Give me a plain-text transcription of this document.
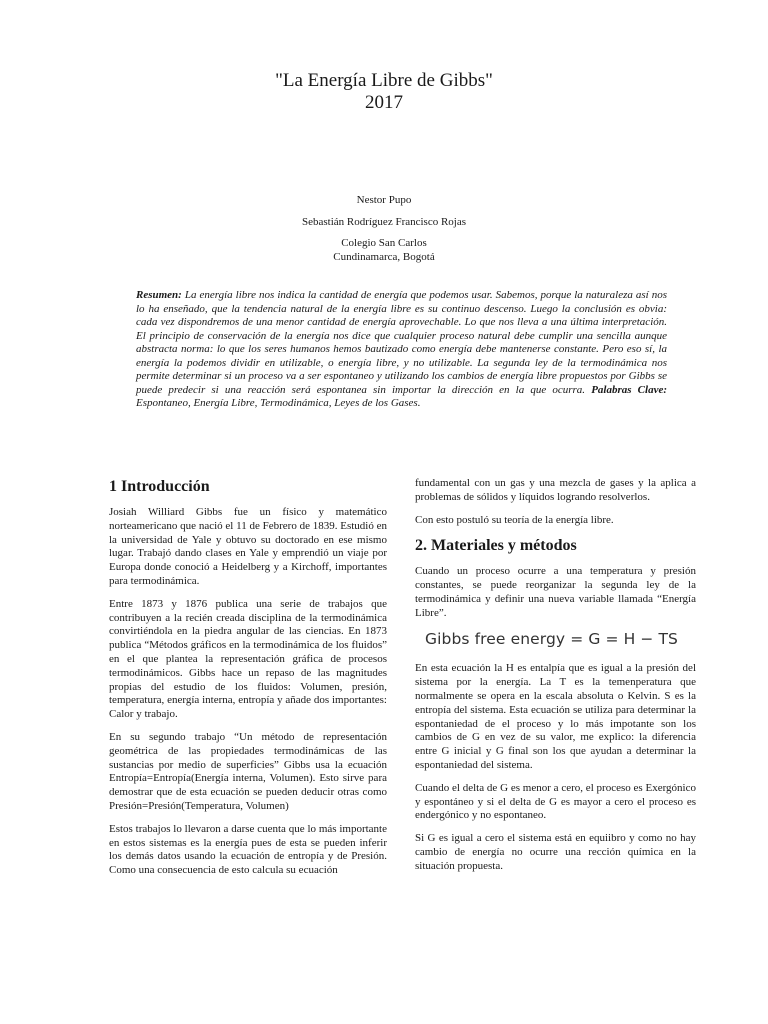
"La Energía Libre de Gibbs"
2017
Nestor Pupo
Sebastián Rodríguez Francisco Rojas
Colegio San Carlos
Cundinamarca, Bogotá
Resumen: La energía libre nos indica la cantidad de energía que podemos usar. Sabemos, porque la naturaleza así nos lo ha enseñado, que la tendencia natural de la energía libre es su continuo descenso. Luego la conclusión es obvia: cada vez dispondremos de una menor cantidad de energía aprovechable. Lo que nos lleva a una última interpretación. El principio de conservación de la energía nos dice que cualquier proceso natural debe cumplir una sencilla aunque abstracta norma: lo que los seres humanos hemos bautizado como energía debe mantenerse constante. Pero eso sí, la energía la podemos dividir en utilizable, o energía libre, y no utilizable. La segunda ley de la termodinámica nos permite determinar si un proceso va a ser espontaneo y utilizando los cambios de energía libre propuestos por Gibbs se puede predecir si una reacción será espontanea sin importar la dirección en la que ocurra. Palabras Clave: Espontaneo, Energía Libre, Termodinámica, Leyes de los Gases.
1 Introducción

Josiah Williard Gibbs fue un físico y matemático norteamericano que nació el 11 de Febrero de 1839. Estudió en la universidad de Yale y obtuvo su doctorado en ese mismo lugar. Trabajó dando clases en Yale y emprendió un viaje por Europa donde conoció a Heidelberg y a Kirchoff, importantes para termodinámica.

Entre 1873 y 1876 publica una serie de trabajos que contribuyen a la recién creada disciplina de la termodinámica convirtiéndola en la piedra angular de las ciencias. En 1873 publica “Métodos gráficos en la termodinámica de los fluidos” en el que plantea la representación gráfica de procesos termodinámicos. Gibbs hace un repaso de las magnitudes propias del estudio de los fluidos: Volumen, presión, temperatura, energía interna, entropía y añade dos importantes: Calor y trabajo.

En su segundo trabajo “Un método de representación geométrica de las propiedades termodinámicas de las sustancias por medio de superficies” Gibbs usa la ecuación Entropía=Entropía(Energía interna, Volumen). Esto sirve para demostrar que de esta ecuación se pueden deducir otras como Presión=Presión(Temperatura, Volumen)

Estos trabajos lo llevaron a darse cuenta que lo más importante en estos sistemas es la energía pues de esta se pueden inferir los demás datos usando la ecuación de entropía y de Presión. Como una consecuencia de esto calcula su ecuación

fundamental con un gas y una mezcla de gases y la aplica a problemas de sólidos y líquidos logrando resolverlos.

Con esto postuló su teoría de la energía libre.

2. Materiales y métodos

Cuando un proceso ocurre a una temperatura y presión constantes, se puede reorganizar la segunda ley de la termodinámica y definir una nueva variable llamada “Energía Libre”.

Gibbs free energy = G = H − TS

En esta ecuación la H es entalpía que es igual a la presión del sistema por la energía. La T es la temenperatura que normalmente se opera en la escala absoluta o Kelvin. S es la entropía del sistema. Esta ecuación se utiliza para determinar la espontaniedad de el proceso y lo más impotante son los cambios de G en vez de su valor, me explico: la diferencia entre G inicial y G final son los que ayudan a determinar la espontaniedad del sistema.

Cuando el delta de G es menor a cero, el proceso es Exergónico y espontáneo y si el delta de G es mayor a cero el proceso es endergónico y no espontaneo.

Si G es igual a cero el sistema está en equiibro y como no hay cambio de energía no ocurre una rección química en la situación propuesta.
